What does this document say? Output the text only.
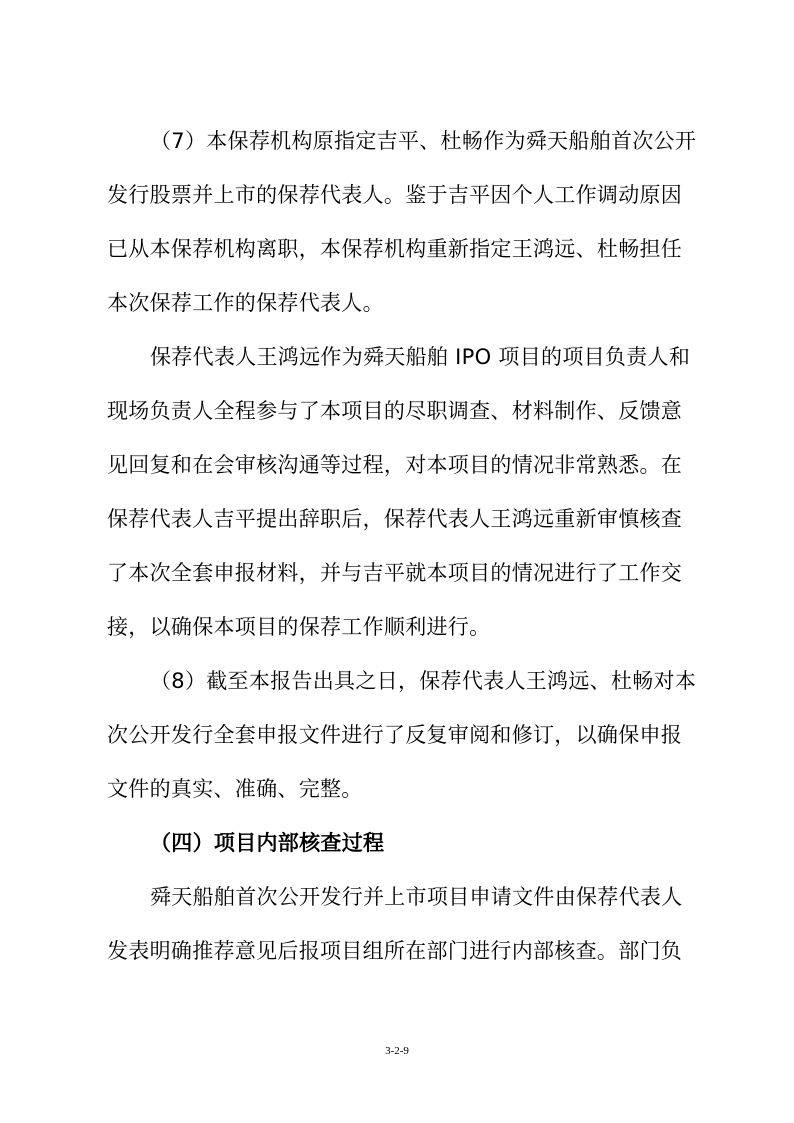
（7）本保荐机构原指定吉平、杜畅作为舜天船舶首次公开
发行股票并上市的保荐代表人。鉴于吉平因个人工作调动原因
已从本保荐机构离职，本保荐机构重新指定王鸿远、杜畅担任
本次保荐工作的保荐代表人。
保荐代表人王鸿远作为舜天船舶 IPO 项目的项目负责人和
现场负责人全程参与了本项目的尽职调查、材料制作、反馈意
见回复和在会审核沟通等过程，对本项目的情况非常熟悉。在
保荐代表人吉平提出辞职后，保荐代表人王鸿远重新审慎核查
了本次全套申报材料，并与吉平就本项目的情况进行了工作交
接，以确保本项目的保荐工作顺利进行。
（8）截至本报告出具之日，保荐代表人王鸿远、杜畅对本
次公开发行全套申报文件进行了反复审阅和修订，以确保申报
文件的真实、准确、完整。
（四）项目内部核查过程
舜天船舶首次公开发行并上市项目申请文件由保荐代表人
发表明确推荐意见后报项目组所在部门进行内部核查。部门负
3-2-9
